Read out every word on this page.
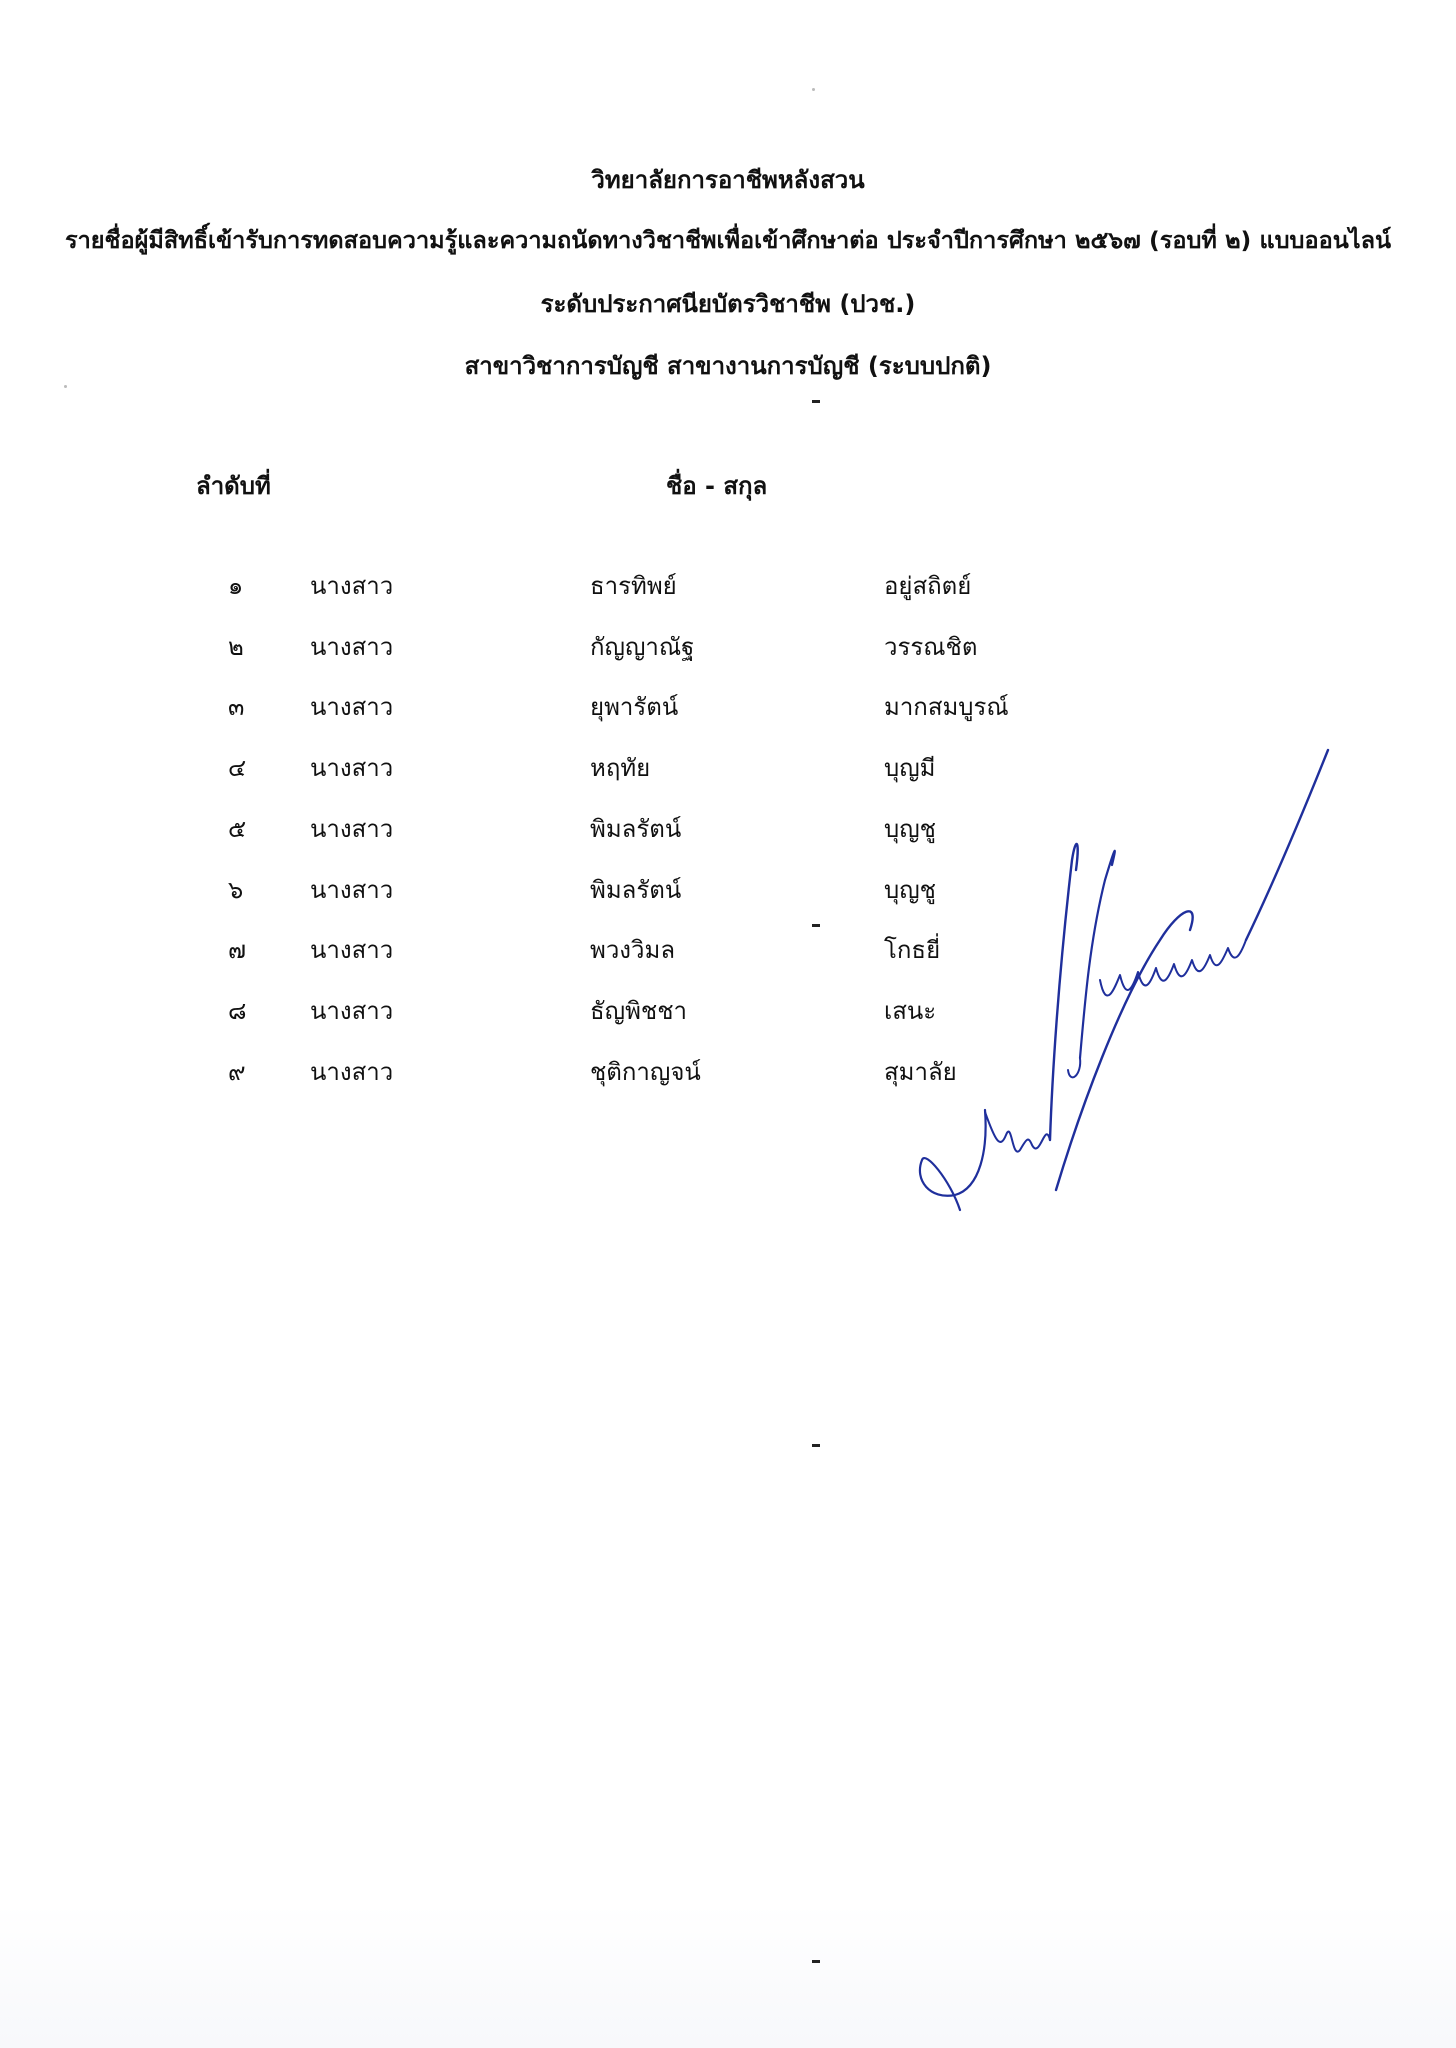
วิทยาลัยการอาชีพหลังสวน
รายชื่อผู้มีสิทธิ์เข้ารับการทดสอบความรู้และความถนัดทางวิชาชีพเพื่อเข้าศึกษาต่อ ประจำปีการศึกษา ๒๕๖๗ (รอบที่ ๒) แบบออนไลน์
ระดับประกาศนียบัตรวิชาชีพ (ปวช.)
สาขาวิชาการบัญชี สาขางานการบัญชี (ระบบปกติ)
ลำดับที่	ชื่อ - สกุล
๑	นางสาว	ธารทิพย์	อยู่สถิตย์
๒	นางสาว	กัญญาณัฐ	วรรณชิต
๓	นางสาว	ยุพารัตน์	มากสมบูรณ์
๔	นางสาว	หฤทัย	บุญมี
๕	นางสาว	พิมลรัตน์	บุญชู
๖	นางสาว	พิมลรัตน์	บุญชู
๗	นางสาว	พวงวิมล	โกธยี่
๘	นางสาว	ธัญพิชชา	เสนะ
๙	นางสาว	ชุติกาญจน์	สุมาลัย
